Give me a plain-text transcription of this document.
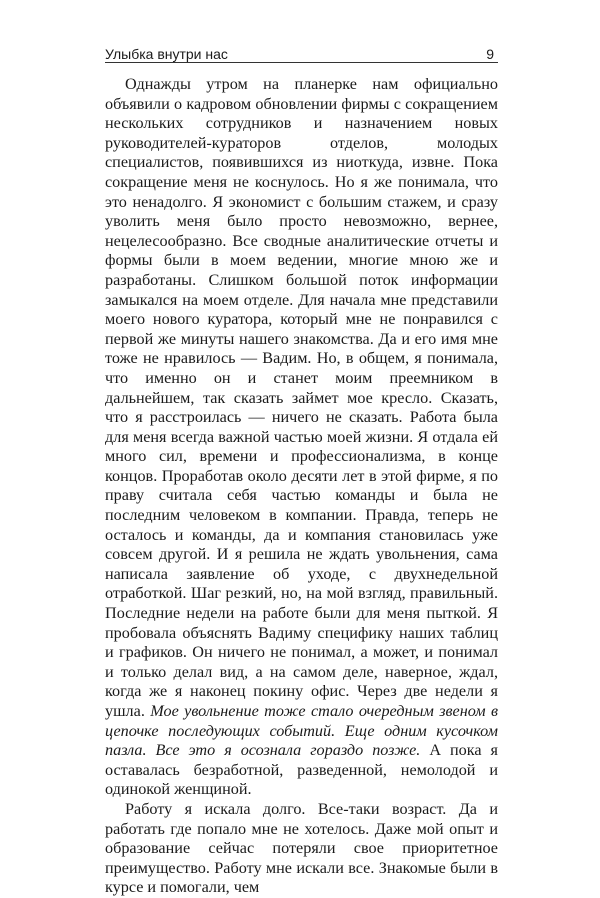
Улыбка внутри нас	9

Однажды утром на планерке нам официально объявили о кадровом обновлении фирмы с сокращением нескольких сотрудников и назначением новых руководителей-кураторов отделов, молодых специалистов, появившихся из ниоткуда, извне. Пока сокращение меня не коснулось. Но я же понимала, что это ненадолго. Я экономист с большим стажем, и сразу уволить меня было просто невозможно, вернее, нецелесообразно. Все сводные аналитические отчеты и формы были в моем ведении, многие мною же и разработаны. Слишком большой поток информации замыкался на моем отделе. Для начала мне представили моего нового куратора, который мне не понравился с первой же минуты нашего знакомства. Да и его имя мне тоже не нравилось — Вадим. Но, в общем, я понимала, что именно он и станет моим преемником в дальнейшем, так сказать займет мое кресло. Сказать, что я расстроилась — ничего не сказать. Работа была для меня всегда важной частью моей жизни. Я отдала ей много сил, времени и профессионализма, в конце концов. Проработав около десяти лет в этой фирме, я по праву считала себя частью команды и была не последним человеком в компании. Правда, теперь не осталось и команды, да и компания становилась уже совсем другой. И я решила не ждать увольнения, сама написала заявление об уходе, с двухнедельной отработкой. Шаг резкий, но, на мой взгляд, правильный. Последние недели на работе были для меня пыткой. Я пробовала объяснять Вадиму специфику наших таблиц и графиков. Он ничего не понимал, а может, и понимал и только делал вид, а на самом деле, наверное, ждал, когда же я наконец покину офис. Через две недели я ушла. Мое увольнение тоже стало очередным звеном в цепочке последующих событий. Еще одним кусочком пазла. Все это я осознала гораздо позже. А пока я оставалась безработной, разведенной, немолодой и одинокой женщиной.

Работу я искала долго. Все-таки возраст. Да и работать где попало мне не хотелось. Даже мой опыт и образование сейчас потеряли свое приоритетное преимущество. Работу мне искали все. Знакомые были в курсе и помогали, чем
